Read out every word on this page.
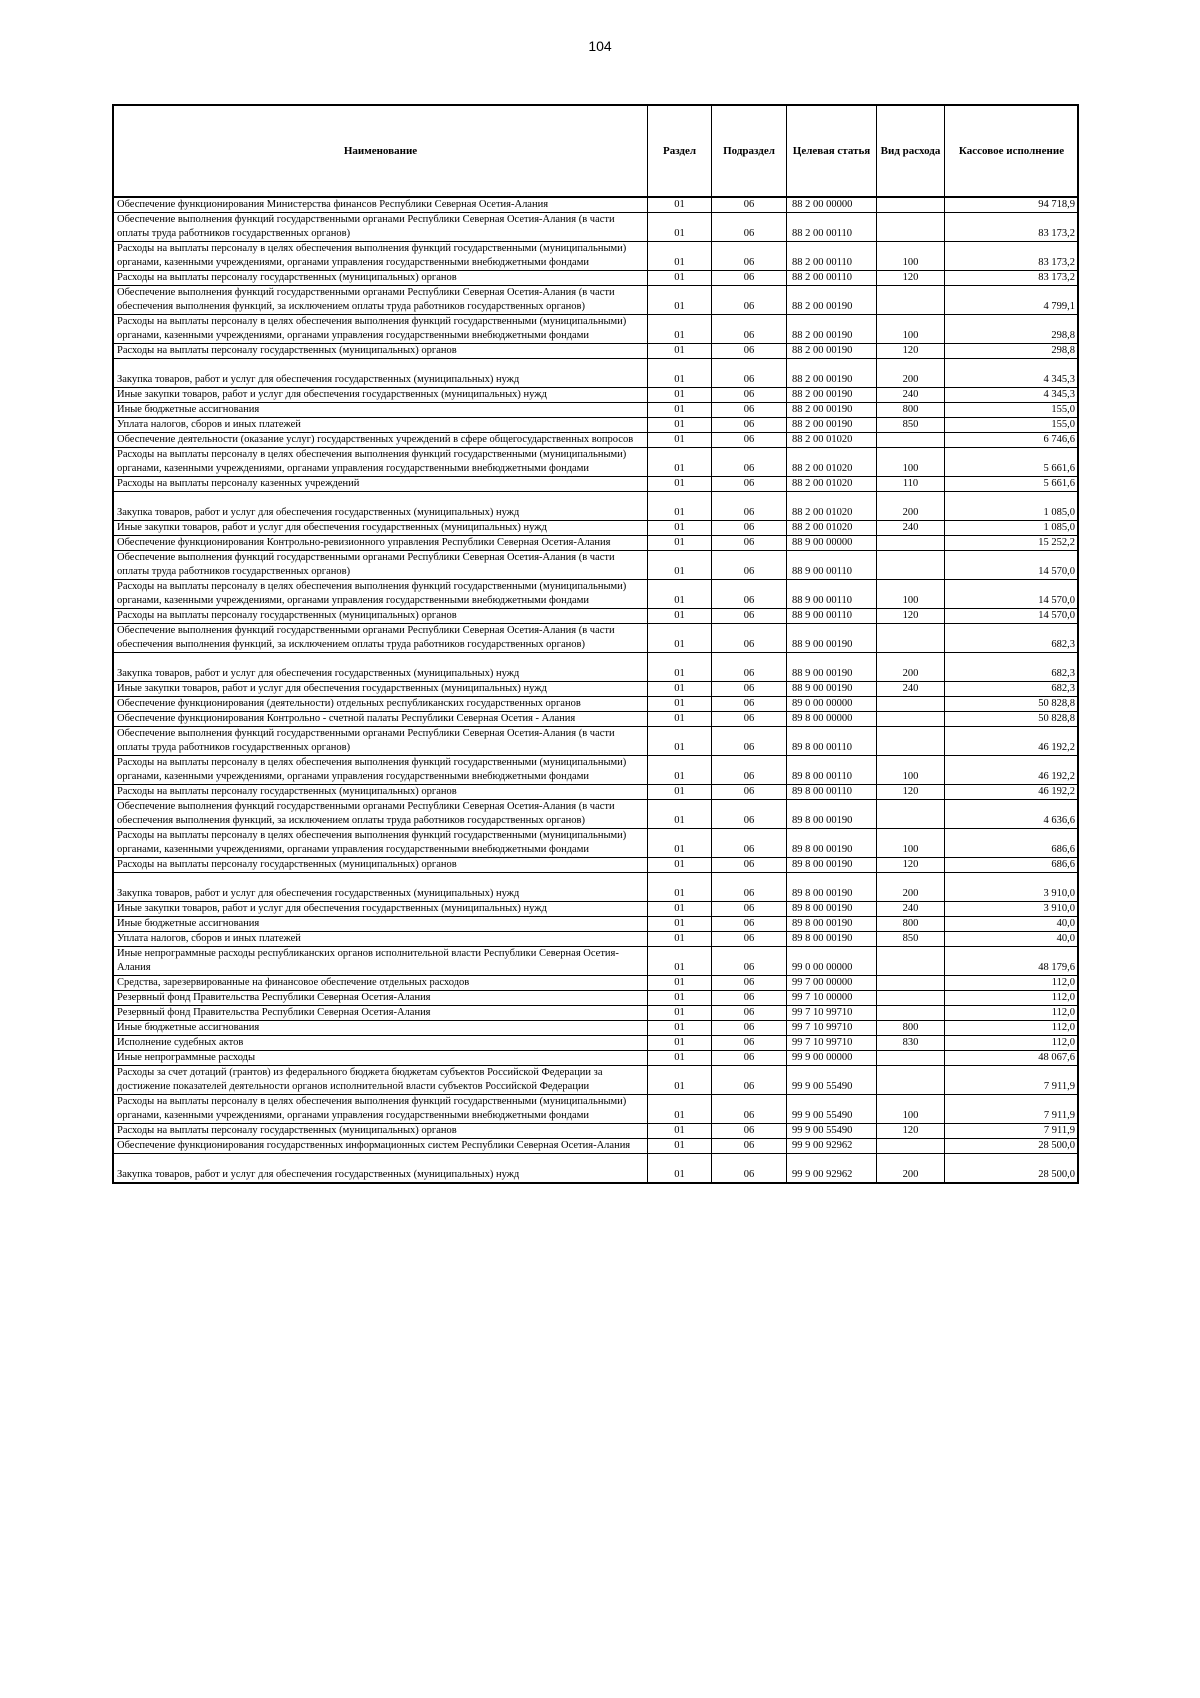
104
Наименование	Раздел	Подраздел	Целевая статья	Вид расхода	Кассовое исполнение
Обеспечение функционирования Министерства финансов Республики Северная Осетия-Алания	01	06	88 2 00 00000		94 718,9
Обеспечение выполнения функций государственными органами Республики Северная Осетия-Алания (в части оплаты труда работников государственных органов)	01	06	88 2 00 00110		83 173,2
Расходы на выплаты персоналу в целях обеспечения выполнения функций государственными (муниципальными) органами, казенными учреждениями, органами управления государственными внебюджетными фондами	01	06	88 2 00 00110	100	83 173,2
Расходы на выплаты персоналу государственных (муниципальных) органов	01	06	88 2 00 00110	120	83 173,2
Обеспечение выполнения функций государственными органами Республики Северная Осетия-Алания (в части обеспечения выполнения функций, за исключением оплаты труда работников государственных органов)	01	06	88 2 00 00190		4 799,1
Расходы на выплаты персоналу в целях обеспечения выполнения функций государственными (муниципальными) органами, казенными учреждениями, органами управления государственными внебюджетными фондами	01	06	88 2 00 00190	100	298,8
Расходы на выплаты персоналу государственных (муниципальных) органов	01	06	88 2 00 00190	120	298,8
Закупка товаров, работ и услуг для обеспечения государственных (муниципальных) нужд	01	06	88 2 00 00190	200	4 345,3
Иные закупки товаров, работ и услуг для обеспечения государственных (муниципальных) нужд	01	06	88 2 00 00190	240	4 345,3
Иные бюджетные ассигнования	01	06	88 2 00 00190	800	155,0
Уплата налогов, сборов и иных платежей	01	06	88 2 00 00190	850	155,0
Обеспечение деятельности (оказание услуг) государственных учреждений в сфере общегосударственных вопросов	01	06	88 2 00 01020		6 746,6
Расходы на выплаты персоналу в целях обеспечения выполнения функций государственными (муниципальными) органами, казенными учреждениями, органами управления государственными внебюджетными фондами	01	06	88 2 00 01020	100	5 661,6
Расходы на выплаты персоналу казенных учреждений	01	06	88 2 00 01020	110	5 661,6
Закупка товаров, работ и услуг для обеспечения государственных (муниципальных) нужд	01	06	88 2 00 01020	200	1 085,0
Иные закупки товаров, работ и услуг для обеспечения государственных (муниципальных) нужд	01	06	88 2 00 01020	240	1 085,0
Обеспечение функционирования Контрольно-ревизионного управления Республики Северная Осетия-Алания	01	06	88 9 00 00000		15 252,2
Обеспечение выполнения функций государственными органами Республики Северная Осетия-Алания (в части оплаты труда работников государственных органов)	01	06	88 9 00 00110		14 570,0
Расходы на выплаты персоналу в целях обеспечения выполнения функций государственными (муниципальными) органами, казенными учреждениями, органами управления государственными внебюджетными фондами	01	06	88 9 00 00110	100	14 570,0
Расходы на выплаты персоналу государственных (муниципальных) органов	01	06	88 9 00 00110	120	14 570,0
Обеспечение выполнения функций государственными органами Республики Северная Осетия-Алания (в части обеспечения выполнения функций, за исключением оплаты труда работников государственных органов)	01	06	88 9 00 00190		682,3
Закупка товаров, работ и услуг для обеспечения государственных (муниципальных) нужд	01	06	88 9 00 00190	200	682,3
Иные закупки товаров, работ и услуг для обеспечения государственных (муниципальных) нужд	01	06	88 9 00 00190	240	682,3
Обеспечение функционирования (деятельности) отдельных республиканских государственных органов	01	06	89 0 00 00000		50 828,8
Обеспечение функционирования Контрольно - счетной палаты Республики Северная Осетия - Алания	01	06	89 8 00 00000		50 828,8
Обеспечение выполнения функций государственными органами Республики Северная Осетия-Алания (в части оплаты труда работников государственных органов)	01	06	89 8 00 00110		46 192,2
Расходы на выплаты персоналу в целях обеспечения выполнения функций государственными (муниципальными) органами, казенными учреждениями, органами управления государственными внебюджетными фондами	01	06	89 8 00 00110	100	46 192,2
Расходы на выплаты персоналу государственных (муниципальных) органов	01	06	89 8 00 00110	120	46 192,2
Обеспечение выполнения функций государственными органами Республики Северная Осетия-Алания (в части обеспечения выполнения функций, за исключением оплаты труда работников государственных органов)	01	06	89 8 00 00190		4 636,6
Расходы на выплаты персоналу в целях обеспечения выполнения функций государственными (муниципальными) органами, казенными учреждениями, органами управления государственными внебюджетными фондами	01	06	89 8 00 00190	100	686,6
Расходы на выплаты персоналу государственных (муниципальных) органов	01	06	89 8 00 00190	120	686,6
Закупка товаров, работ и услуг для обеспечения государственных (муниципальных) нужд	01	06	89 8 00 00190	200	3 910,0
Иные закупки товаров, работ и услуг для обеспечения государственных (муниципальных) нужд	01	06	89 8 00 00190	240	3 910,0
Иные бюджетные ассигнования	01	06	89 8 00 00190	800	40,0
Уплата налогов, сборов и иных платежей	01	06	89 8 00 00190	850	40,0
Иные непрограммные расходы республиканских органов исполнительной власти Республики Северная Осетия-Алания	01	06	99 0 00 00000		48 179,6
Средства, зарезервированные на финансовое обеспечение отдельных расходов	01	06	99 7 00 00000		112,0
Резервный фонд Правительства Республики Северная Осетия-Алания	01	06	99 7 10 00000		112,0
Резервный фонд Правительства Республики Северная Осетия-Алания	01	06	99 7 10 99710		112,0
Иные бюджетные ассигнования	01	06	99 7 10 99710	800	112,0
Исполнение судебных актов	01	06	99 7 10 99710	830	112,0
Иные непрограммные расходы	01	06	99 9 00 00000		48 067,6
Расходы за счет дотаций (грантов) из федерального бюджета бюджетам субъектов Российской Федерации за достижение показателей деятельности органов исполнительной власти субъектов Российской Федерации	01	06	99 9 00 55490		7 911,9
Расходы на выплаты персоналу в целях обеспечения выполнения функций государственными (муниципальными) органами, казенными учреждениями, органами управления государственными внебюджетными фондами	01	06	99 9 00 55490	100	7 911,9
Расходы на выплаты персоналу государственных (муниципальных) органов	01	06	99 9 00 55490	120	7 911,9
Обеспечение функционирования государственных информационных систем Республики Северная Осетия-Алания	01	06	99 9 00 92962		28 500,0
Закупка товаров, работ и услуг для обеспечения государственных (муниципальных) нужд	01	06	99 9 00 92962	200	28 500,0
